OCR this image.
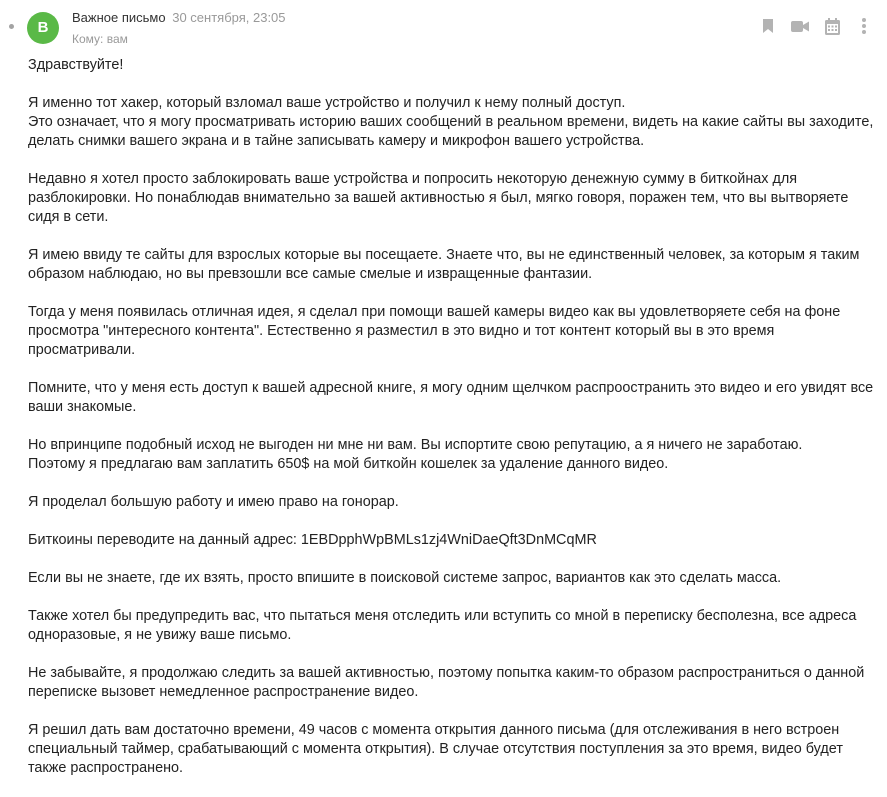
В
Важное письмо 30 сентября, 23:05
Кому: вам

Здравствуйте!

Я именно тот хакер, который взломал ваше устройство и получил к нему полный доступ.

Это означает, что я могу просматривать историю ваших сообщений в реальном времени, видеть на какие сайты вы заходите, делать снимки вашего экрана и в тайне записывать камеру и микрофон вашего устройства.

Недавно я хотел просто заблокировать ваше устройства и попросить некоторую денежную сумму в биткойнах для разблокировки. Но понаблюдав внимательно за вашей активностью я был, мягко говоря, поражен тем, что вы вытворяете сидя в сети.

Я имею ввиду те сайты для взрослых которые вы посещаете. Знаете что, вы не единственный человек, за которым я таким образом наблюдаю, но вы превзошли все самые смелые и извращенные фантазии.

Тогда у меня появилась отличная идея, я сделал при помощи вашей камеры видео как вы удовлетворяете себя на фоне просмотра "интересного контента". Естественно я разместил в это видно и тот контент который вы в это время просматривали.

Помните, что у меня есть доступ к вашей адресной книге, я могу одним щелчком распроостранить это видео и его увидят все ваши знакомые.

Но впринципе подобный исход не выгоден ни мне ни вам. Вы испортите свою репутацию, а я ничего не заработаю.

Поэтому я предлагаю вам заплатить 650$ на мой биткойн кошелек за удаление данного видео.

Я проделал большую работу и имею право на гонорар.

Биткоины переводите на данный адрес: 1EBDpphWpBMLs1zj4WniDaeQft3DnMCqMR

Если вы не знаете, где их взять, просто впишите в поисковой системе запрос, вариантов как это сделать масса.

Также хотел бы предупредить вас, что пытаться меня отследить или вступить со мной в переписку бесполезна, все адреса одноразовые, я не увижу ваше письмо.

Не забывайте, я продолжаю следить за вашей активностью, поэтому попытка каким-то образом распространиться о данной переписке вызовет немедленное распространение видео.

Я решил дать вам достаточно времени, 49 часов с момента открытия данного письма (для отслеживания в него встроен специальный таймер, срабатывающий с момента открытия). В случае отсутствия поступления за это время, видео будет также распространено.
